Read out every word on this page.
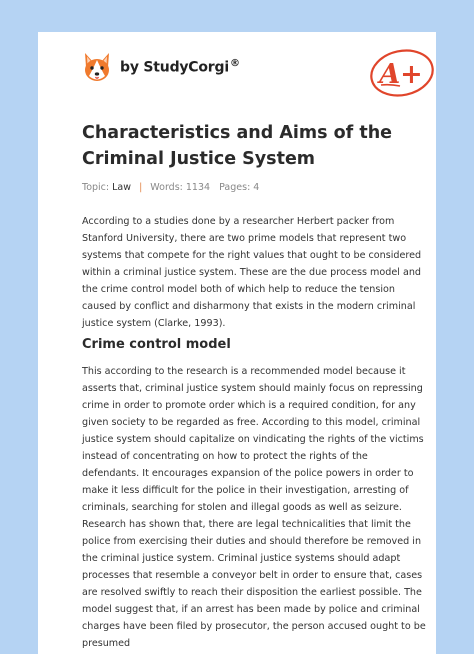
by StudyCorgi®	A+
Characteristics and Aims of the Criminal Justice System
Topic: Law | Words: 1134 Pages: 4

According to a studies done by a researcher Herbert packer from Stanford University, there are two prime models that represent two systems that compete for the right values that ought to be considered within a criminal justice system. These are the due process model and the crime control model both of which help to reduce the tension caused by conflict and disharmony that exists in the modern criminal justice system (Clarke, 1993).

Crime control model

This according to the research is a recommended model because it asserts that, criminal justice system should mainly focus on repressing crime in order to promote order which is a required condition, for any given society to be regarded as free. According to this model, criminal justice system should capitalize on vindicating the rights of the victims instead of concentrating on how to protect the rights of the defendants. It encourages expansion of the police powers in order to make it less difficult for the police in their investigation, arresting of criminals, searching for stolen and illegal goods as well as seizure. Research has shown that, there are legal technicalities that limit the police from exercising their duties and should therefore be removed in the criminal justice system. Criminal justice systems should adapt processes that resemble a conveyor belt in order to ensure that, cases are resolved swiftly to reach their disposition the earliest possible. The model suggest that, if an arrest has been made by police and criminal charges have been filed by prosecutor, the person accused ought to be presumed
